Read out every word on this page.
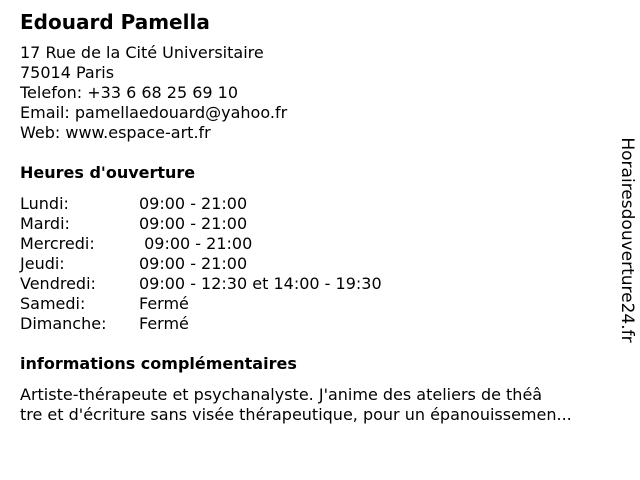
Edouard Pamella
17 Rue de la Cité Universitaire
75014 Paris
Telefon: +33 6 68 25 69 10
Email: pamellaedouard@yahoo.fr
Web: www.espace-art.fr
Heures d'ouverture
Lundi:	09:00 - 21:00
Mardi:	09:00 - 21:00
Mercredi:	09:00 - 21:00
Jeudi:	09:00 - 21:00
Vendredi:	09:00 - 12:30 et 14:00 - 19:30
Samedi:	Fermé
Dimanche:	Fermé
informations complémentaires
Artiste-thérapeute et psychanalyste. J'anime des ateliers de théâ
tre et d'écriture sans visée thérapeutique, pour un épanouissemen...
Horairesdouverture24.fr
